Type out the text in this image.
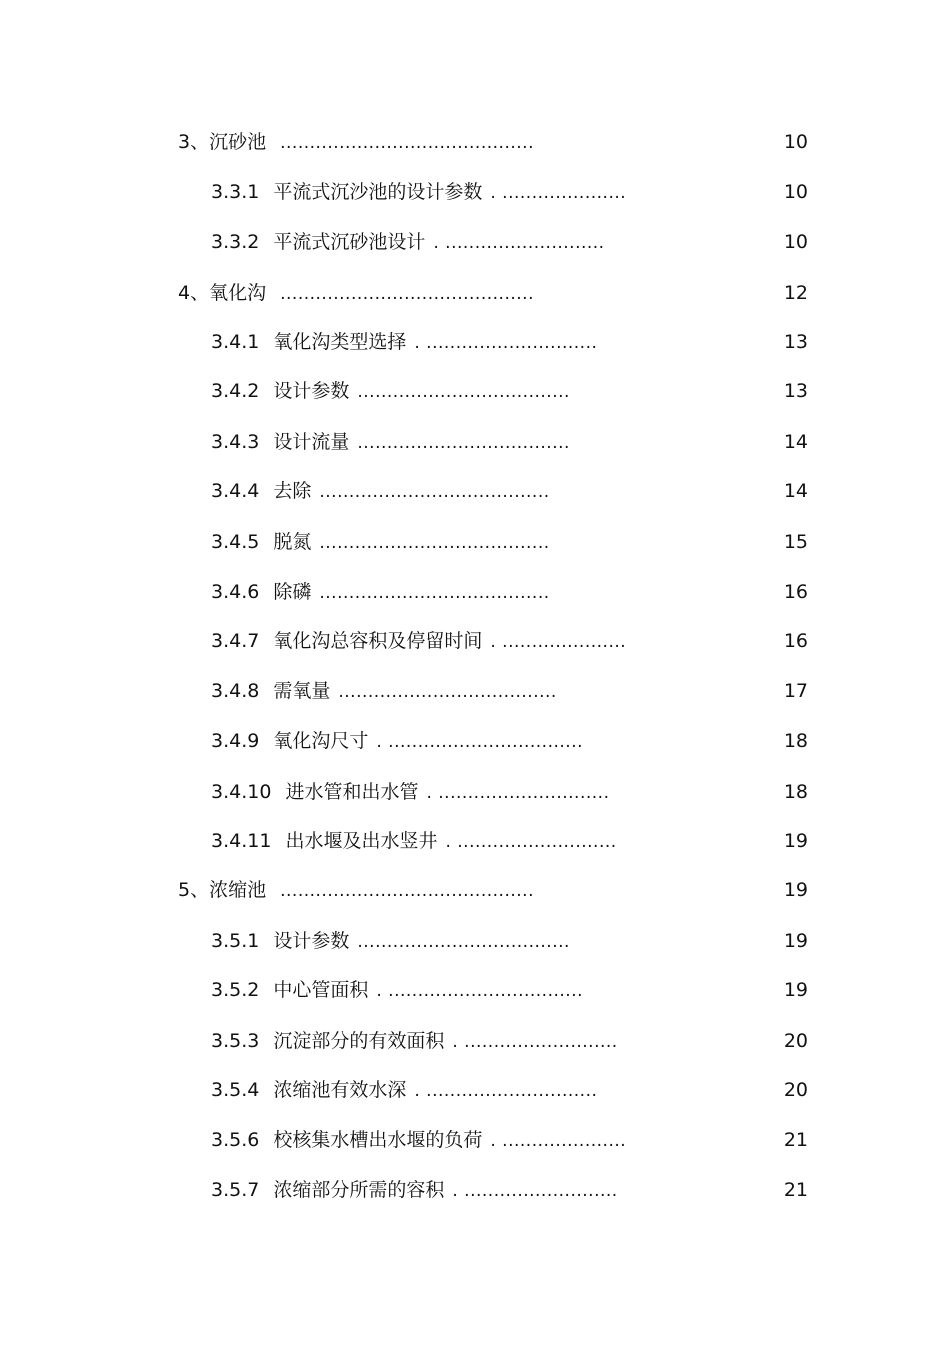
3、沉砂池 ...........................................	10
3.3.1 平流式沉沙池的设计参数 . .....................	10
3.3.2 平流式沉砂池设计 . ...........................	10
4、氧化沟 ...........................................	12
3.4.1 氧化沟类型选择 . .............................	13
3.4.2 设计参数 ....................................	13
3.4.3 设计流量 ....................................	14
3.4.4 去除 .......................................	14
3.4.5 脱氮 .......................................	15
3.4.6 除磷 .......................................	16
3.4.7 氧化沟总容积及停留时间 . .....................	16
3.4.8 需氧量 .....................................	17
3.4.9 氧化沟尺寸 . .................................	18
3.4.10 进水管和出水管 . .............................	18
3.4.11 出水堰及出水竖井 . ...........................	19
5、浓缩池 ...........................................	19
3.5.1 设计参数 ....................................	19
3.5.2 中心管面积 . .................................	19
3.5.3 沉淀部分的有效面积 . ..........................	20
3.5.4 浓缩池有效水深 . .............................	20
3.5.6 校核集水槽出水堰的负荷 . .....................	21
3.5.7 浓缩部分所需的容积 . ..........................	21
